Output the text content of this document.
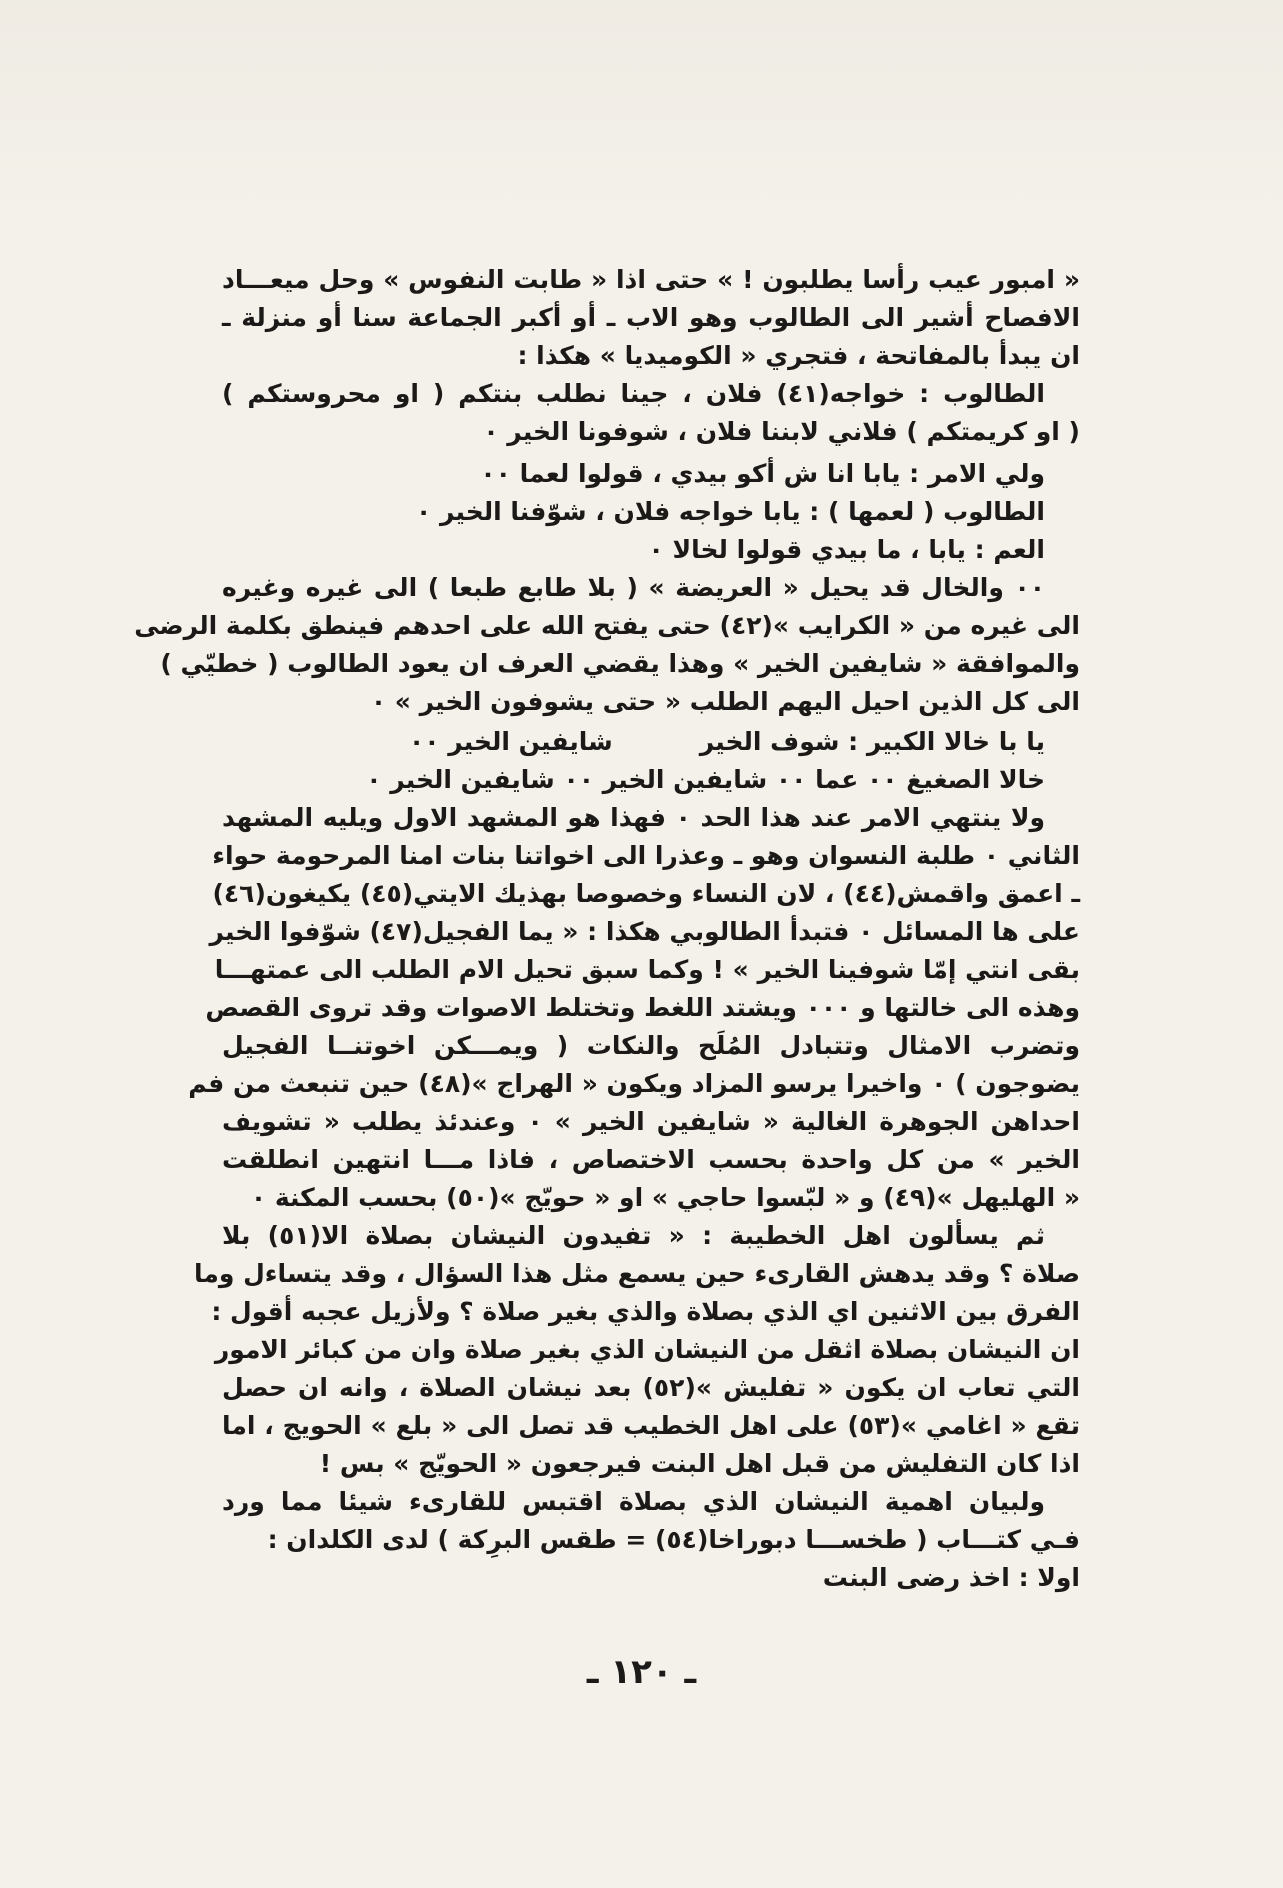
« امبور عيب رأسا يطلبون ! » حتى اذا « طابت النفوس » وحل ميعـــاد
الافصاح أشير الى الطالوب وهو الاب ـ أو أكبر الجماعة سنا أو منزلة ـ
ان يبدأ بالمفاتحة ، فتجري « الكوميديا » هكذا :
الطالوب : خواجه(٤١) فلان ، جينا نطلب بنتكم ( او محروستكم )
( او كريمتكم ) فلاني لابننا فلان ، شوفونا الخير ٠
ولي الامر : يابا انا ش أكو بيدي ، قولوا لعما ٠٠
الطالوب ( لعمها ) : يابا خواجه فلان ، شوّفنا الخير ٠
العم : يابا ، ما بيدي قولوا لخالا ٠
٠٠ والخال قد يحيل « العريضة » ( بلا طابع طبعا ) الى غيره وغيره
الى غيره من « الكرايب »(٤٢) حتى يفتح الله على احدهم فينطق بكلمة الرضى
والموافقة « شايفين الخير » وهذا يقضي العرف ان يعود الطالوب ( خطيّي )
الى كل الذين احيل اليهم الطلب « حتى يشوفون الخير » ٠
يا با خالا الكبير : شوف الخير          شايفين الخير ٠٠
خالا الصغيغ ٠٠ عما ٠٠ شايفين الخير ٠٠ شايفين الخير ٠
ولا ينتهي الامر عند هذا الحد ٠ فهذا هو المشهد الاول ويليه المشهد
الثاني ٠ طلبة النسوان وهو ـ وعذرا الى اخواتنا بنات امنا المرحومة حواء
ـ اعمق واقمش(٤٤) ، لان النساء وخصوصا بهذيك الايتي(٤٥) يكيغون(٤٦)
على ها المسائل ٠ فتبدأ الطالوبي هكذا : « يما الفجيل(٤٧) شوّفوا الخير
بقى انتي إمّا شوفينا الخير » ! وكما سبق تحيل الام الطلب الى عمتهـــا
وهذه الى خالتها و ٠٠٠ ويشتد اللغط وتختلط الاصوات وقد تروى القصص
وتضرب الامثال وتتبادل المُلَح والنكات ( ويمـــكن اخوتنــا الفجيل
يضوجون ) ٠ واخيرا يرسو المزاد ويكون « الهراج »(٤٨) حين تنبعث من فم
احداهن الجوهرة الغالية « شايفين الخير » ٠ وعندئذ يطلب « تشويف
الخير » من كل واحدة بحسب الاختصاص ، فاذا مـــا انتهين انطلقت
« الهليهل »(٤٩) و « لبّسوا حاجي » او « حويّج »(٥٠) بحسب المكنة ٠
ثم يسألون اهل الخطيبة : « تفيدون النيشان بصلاة الا(٥١) بلا
صلاة ؟ وقد يدهش القارىء حين يسمع مثل هذا السؤال ، وقد يتساءل وما
الفرق بين الاثنين اي الذي بصلاة والذي بغير صلاة ؟ ولأزيل عجبه أقول :
ان النيشان بصلاة اثقل من النيشان الذي بغير صلاة وان من كبائر الامور
التي تعاب ان يكون « تفليش »(٥٢) بعد نيشان الصلاة ، وانه ان حصل
تقع « اغامي »(٥٣) على اهل الخطيب قد تصل الى « بلع » الحويج ، اما
اذا كان التفليش من قبل اهل البنت فيرجعون « الحويّج » بس !
ولبيان اهمية النيشان الذي بصلاة اقتبس للقارىء شيئا مما ورد
فـي كتـــاب ( طخســـا دبوراخا(٥٤) = طقس البرِكة ) لدى الكلدان :
اولا : اخذ رضى البنت
ـ ١٢٠ ـ
